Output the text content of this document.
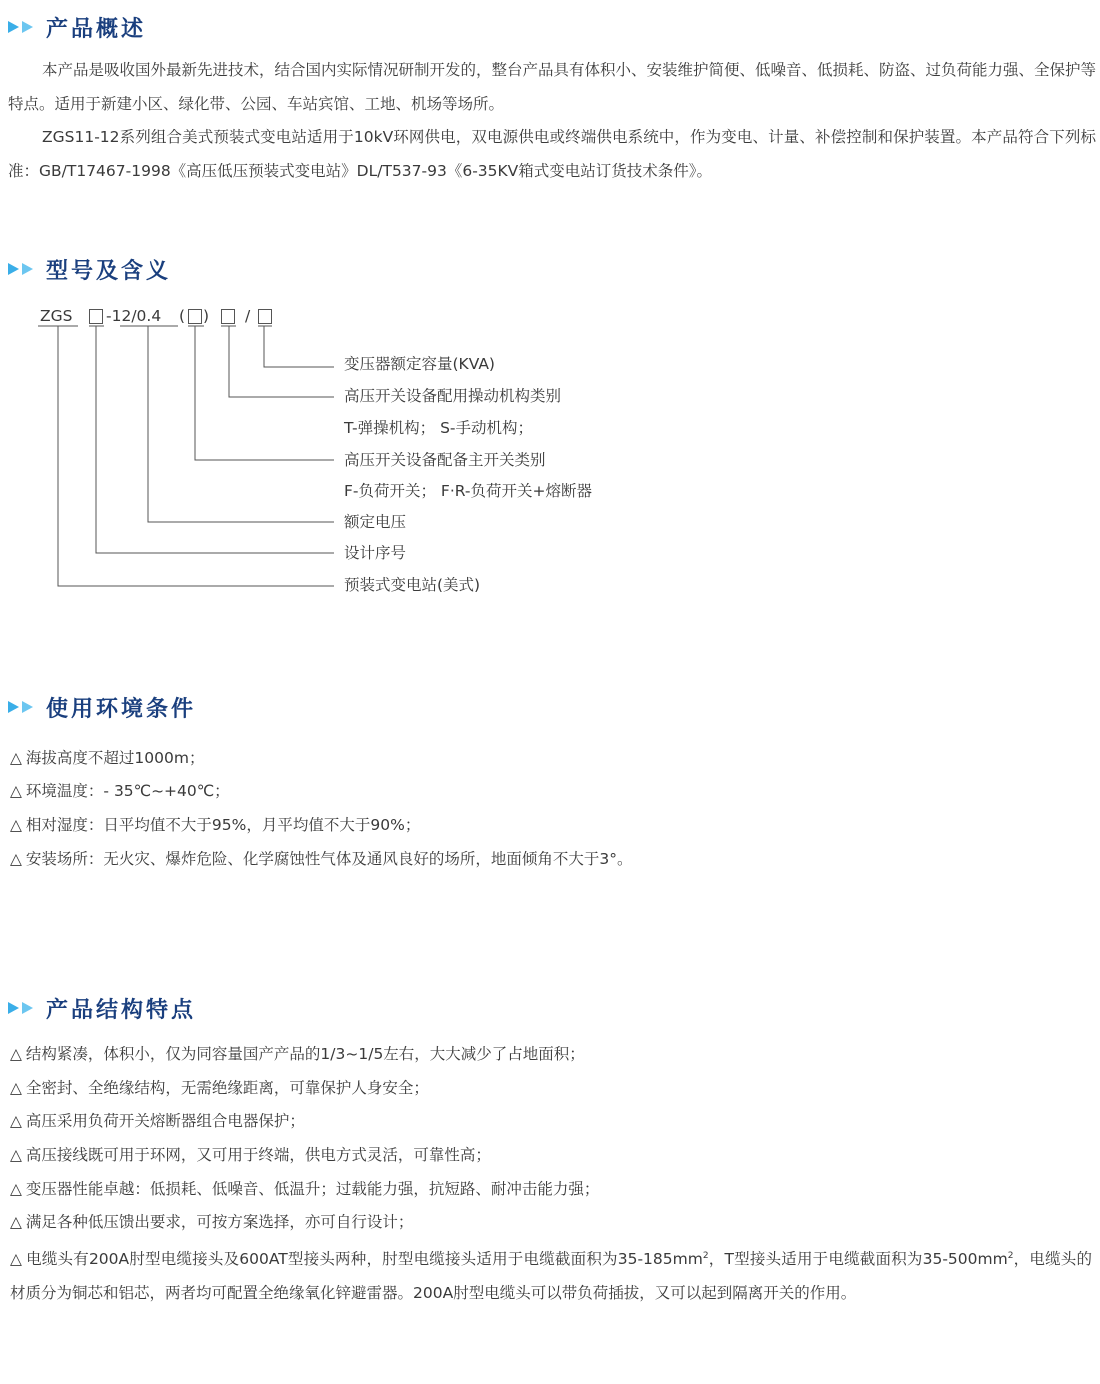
产品概述

本产品是吸收国外最新先进技术，结合国内实际情况研制开发的，整台产品具有体积小、安装维护简便、低噪音、低损耗、防盗、过负荷能力强、全保护等特点。适用于新建小区、绿化带、公园、车站宾馆、工地、机场等场所。

ZGS11-12系列组合美式预装式变电站适用于10kV环网供电，双电源供电或终端供电系统中，作为变电、计量、补偿控制和保护装置。本产品符合下列标准：GB/T17467-1998《高压低压预装式变电站》DL/T537-93《6-35KV箱式变电站订货技术条件》。

型号及含义
ZGS -12/0.4 ( ) /
变压器额定容量(KVA)
高压开关设备配用操动机构类别
T-弹操机构； S-手动机构；
高压开关设备配备主开关类别
F-负荷开关； F·R-负荷开关+熔断器
额定电压
设计序号
预装式变电站(美式)
使用环境条件
△ 海拔高度不超过1000m；
△ 环境温度：- 35℃~+40℃；
△ 相对湿度：日平均值不大于95%，月平均值不大于90%；
△ 安装场所：无火灾、爆炸危险、化学腐蚀性气体及通风良好的场所，地面倾角不大于3°。
产品结构特点
△ 结构紧凑，体积小，仅为同容量国产产品的1/3~1/5左右，大大减少了占地面积；
△ 全密封、全绝缘结构，无需绝缘距离，可靠保护人身安全；
△ 高压采用负荷开关熔断器组合电器保护；
△ 高压接线既可用于环网，又可用于终端，供电方式灵活，可靠性高；
△ 变压器性能卓越：低损耗、低噪音、低温升；过载能力强，抗短路、耐冲击能力强；
△ 满足各种低压馈出要求，可按方案选择，亦可自行设计；

△ 电缆头有200A肘型电缆接头及600AT型接头两种，肘型电缆接头适用于电缆截面积为$35-185mm^2$，T型接头适用于电缆截面积为$35-500mm^2$，电缆头的材质分为铜芯和铝芯，两者均可配置全绝缘氧化锌避雷器。200A肘型电缆头可以带负荷插拔，又可以起到隔离开关的作用。
